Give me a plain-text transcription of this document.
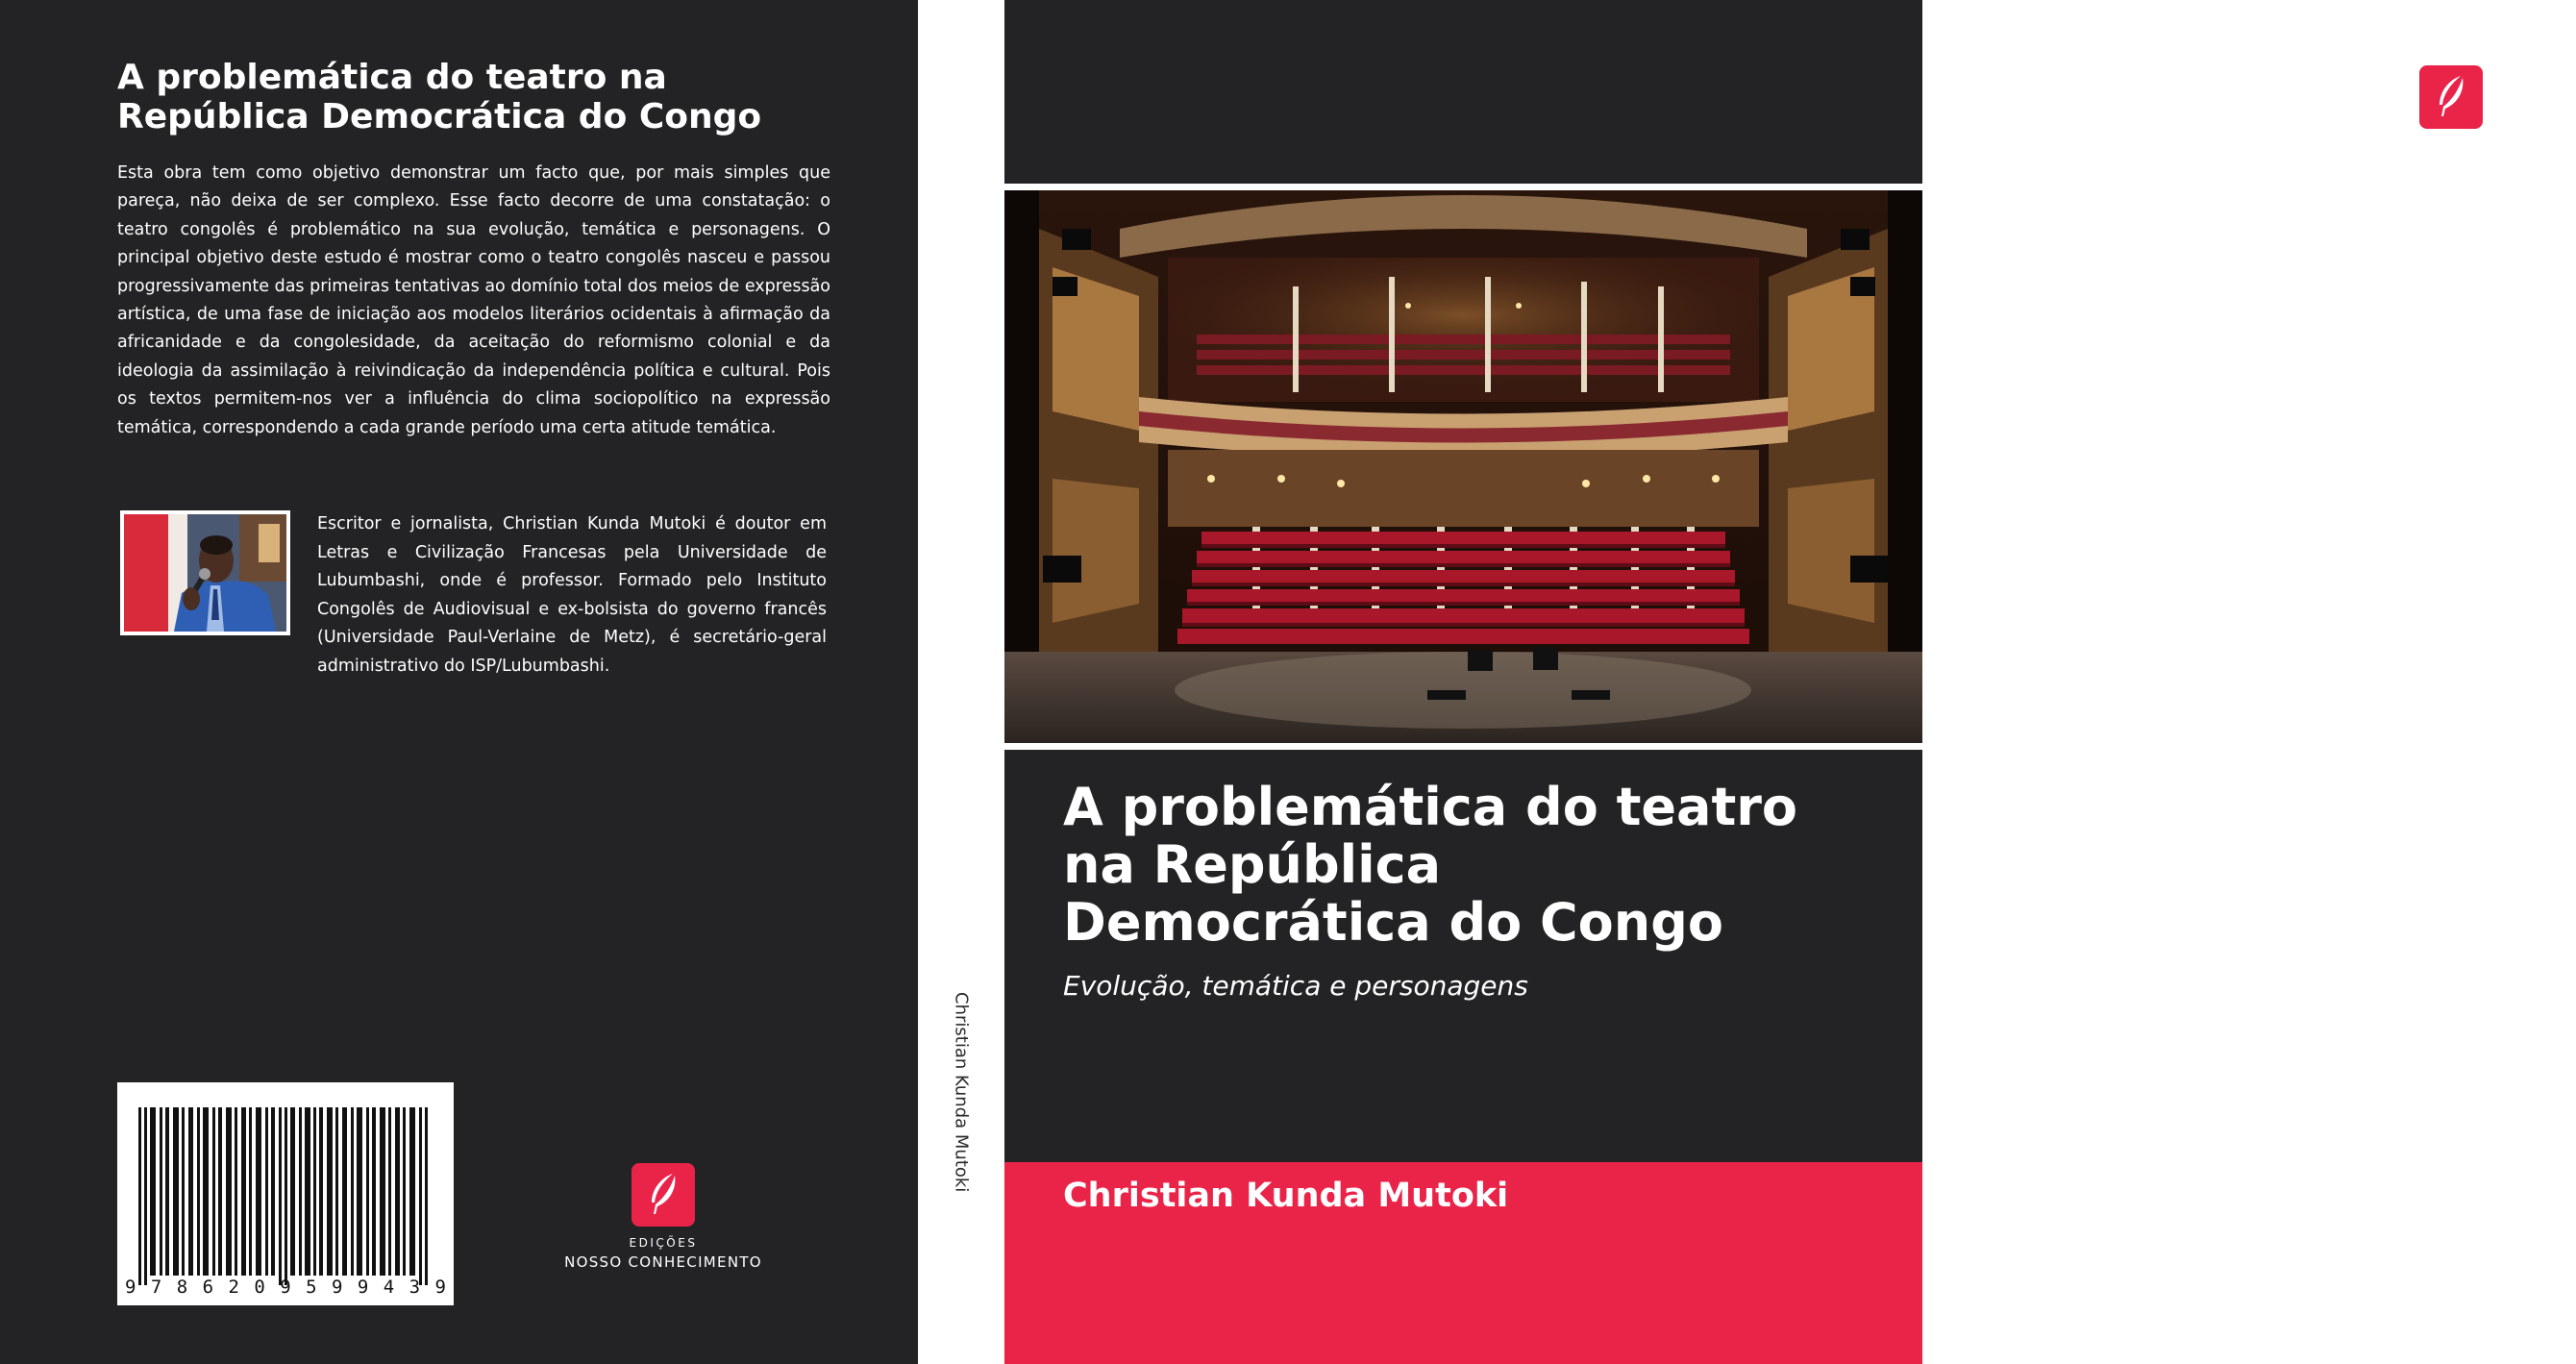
A problemática do teatro na
República Democrática do Congo

Esta obra tem como objetivo demonstrar um facto que, por mais simples que pareça, não deixa de ser complexo. Esse facto decorre de uma constatação: o teatro congolês é problemático na sua evolução, temática e personagens. O principal objetivo deste estudo é mostrar como o teatro congolês nasceu e passou progressivamente das primeiras tentativas ao domínio total dos meios de expressão artística, de uma fase de iniciação aos modelos literários ocidentais à afirmação da africanidade e da congolesidade, da aceitação do reformismo colonial e da ideologia da assimilação à reivindicação da independência política e cultural. Pois os textos permitem-nos ver a influência do clima sociopolítico na expressão temática, correspondendo a cada grande período uma certa atitude temática.

Escritor e jornalista, Christian Kunda Mutoki é doutor em Letras e Civilização Francesas pela Universidade de Lubumbashi, onde é professor. Formado pelo Instituto Congolês de Audiovisual e ex-bolsista do governo francês (Universidade Paul-Verlaine de Metz), é secretário-geral administrativo do ISP/Lubumbashi.

9 7 8 6 2 0 9 5 9 9 4 3 9
EDIÇÕES
NOSSO CONHECIMENTO
Christian Kunda Mutoki
EDIÇÕES
NOSSO CONHECIMENTO
A problemática do teatro
na República
Democrática do Congo

Evolução, temática e personagens

Christian Kunda Mutoki
